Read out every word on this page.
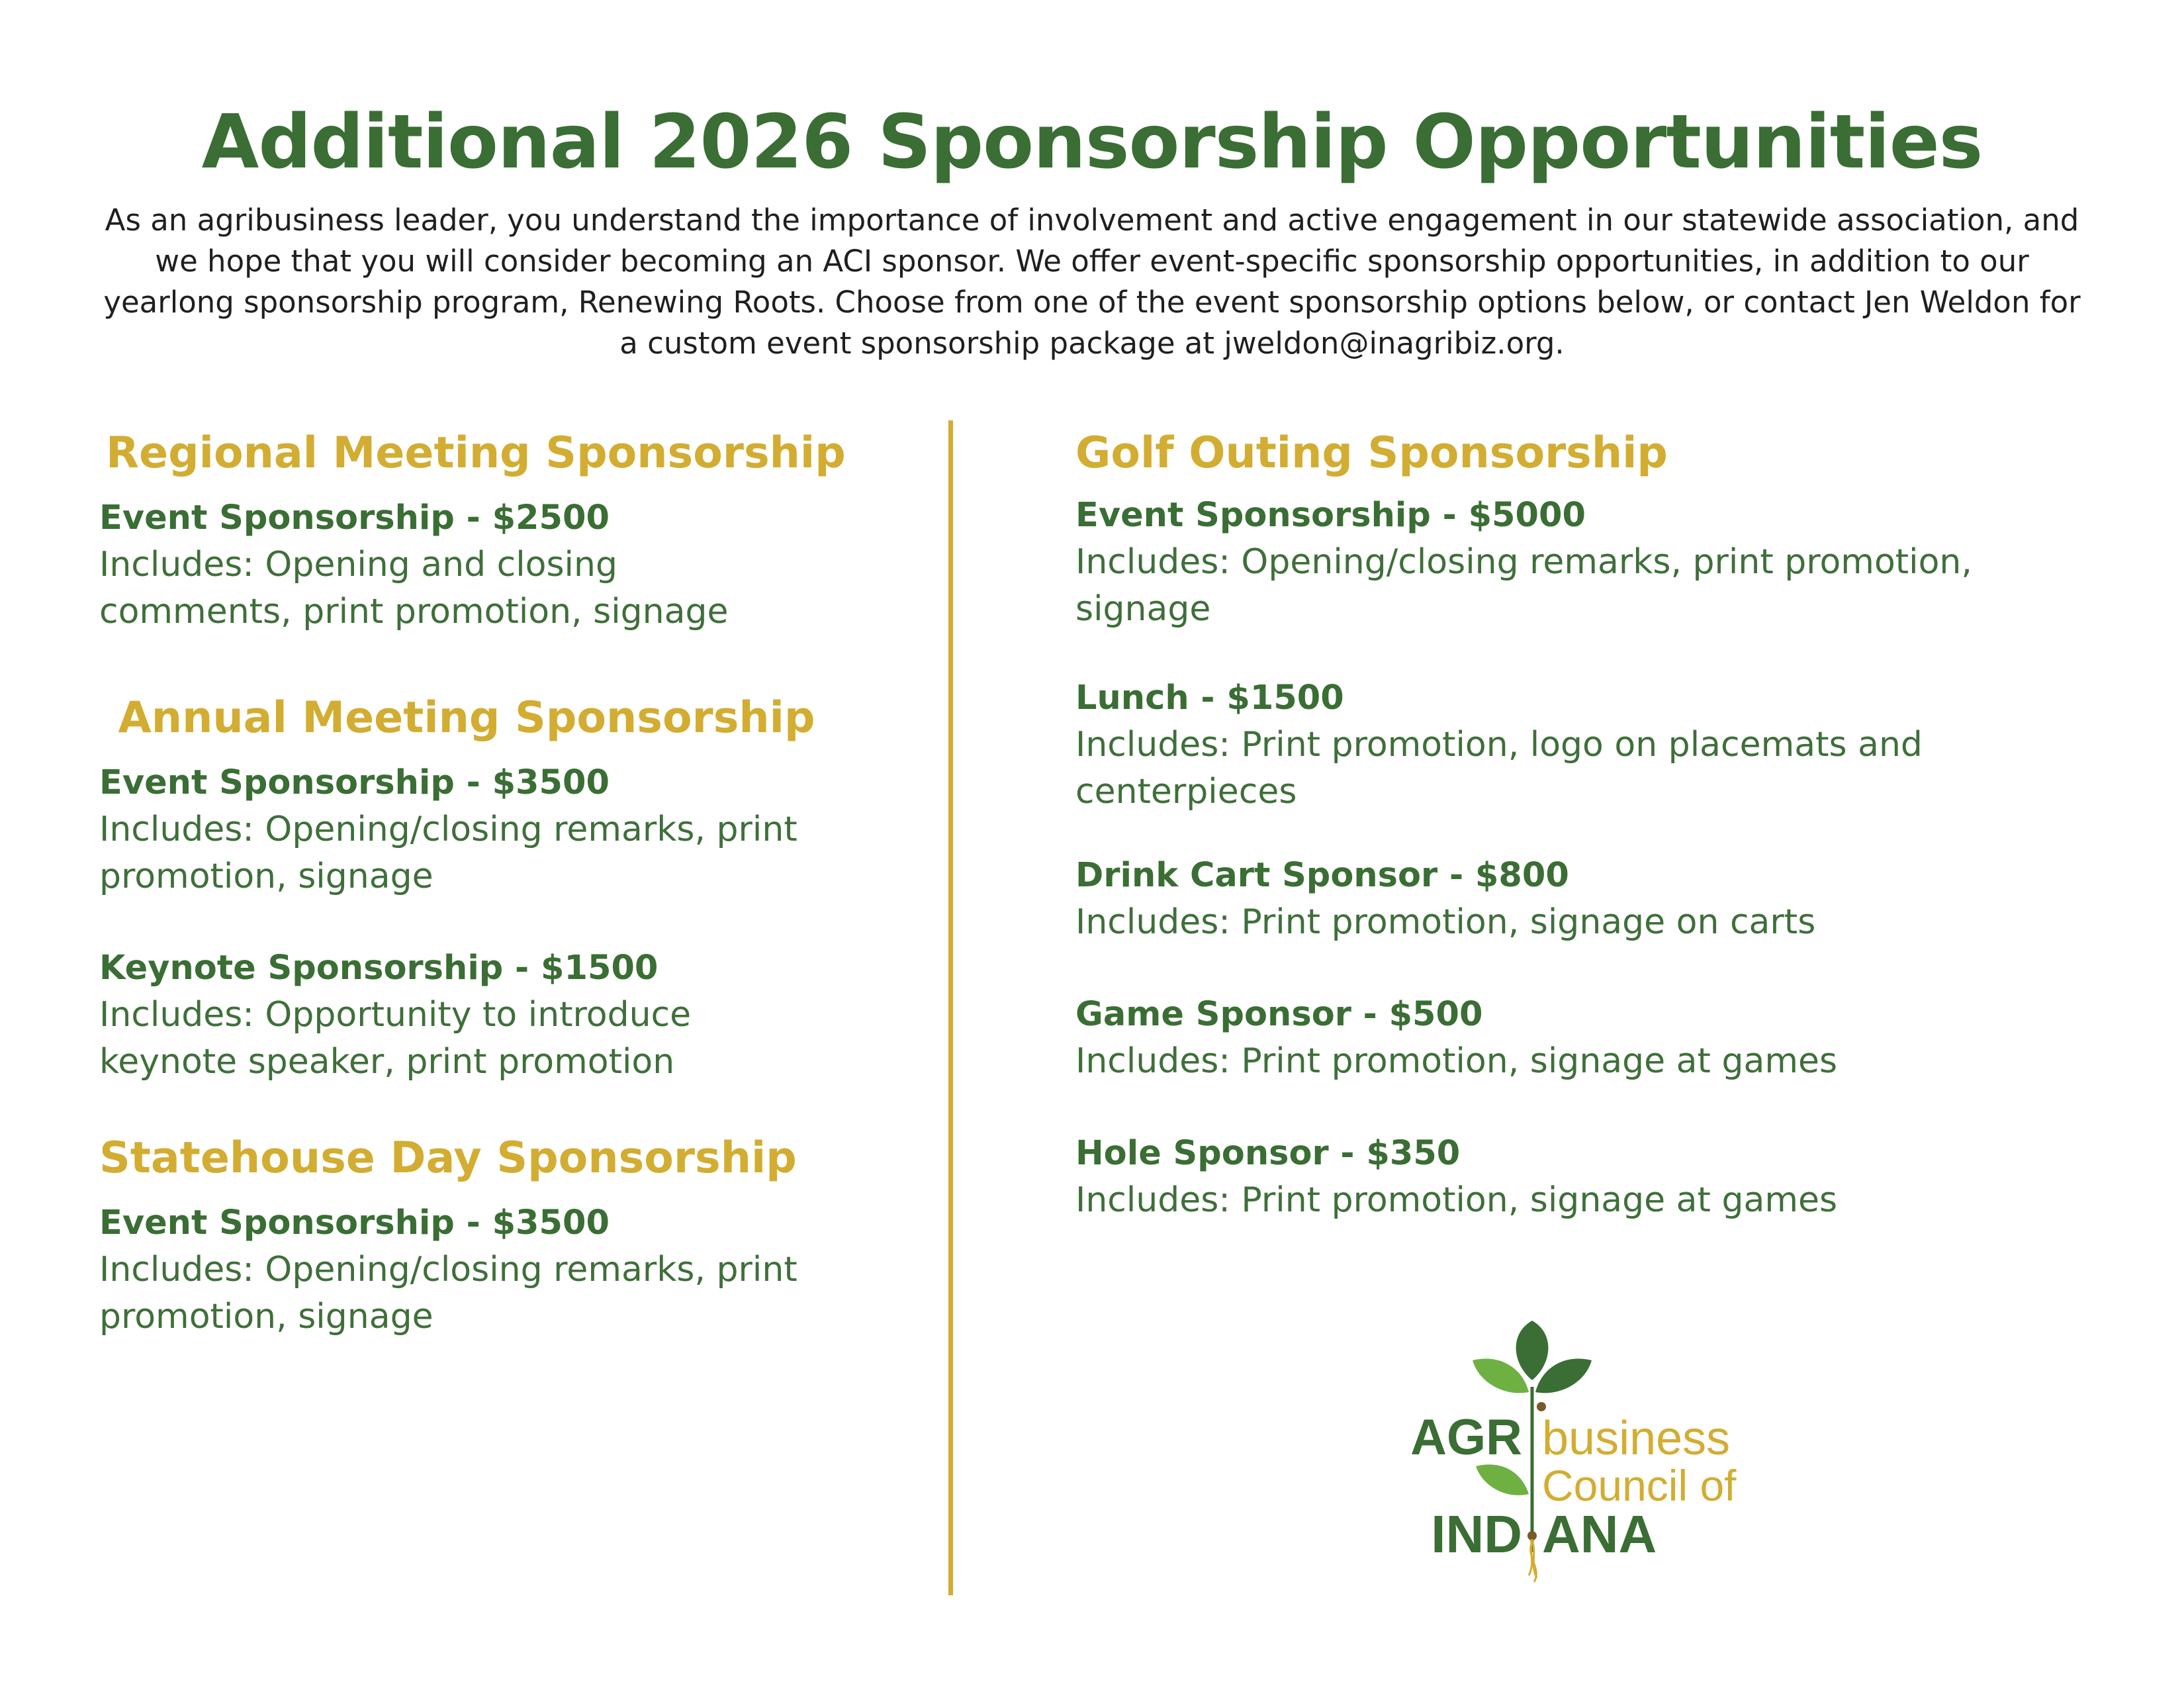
Additional 2026 Sponsorship Opportunities

As an agribusiness leader, you understand the importance of involvement and active engagement in our statewide association, and we hope that you will consider becoming an ACI sponsor. We offer event-specific sponsorship opportunities, in addition to our yearlong sponsorship program, Renewing Roots. Choose from one of the event sponsorship options below, or contact Jen Weldon for a custom event sponsorship package at jweldon@inagribiz.org.

Regional Meeting Sponsorship

Event Sponsorship - $2500

Includes: Opening and closing comments, print promotion, signage

Annual Meeting Sponsorship

Event Sponsorship - $3500

Includes: Opening/closing remarks, print promotion, signage

Keynote Sponsorship - $1500

Includes: Opportunity to introduce keynote speaker, print promotion

Statehouse Day Sponsorship

Event Sponsorship - $3500

Includes: Opening/closing remarks, print promotion, signage

Golf Outing Sponsorship

Event Sponsorship - $5000

Includes: Opening/closing remarks, print promotion, signage

Lunch - $1500

Includes: Print promotion, logo on placemats and centerpieces

Drink Cart Sponsor - $800

Includes: Print promotion, signage on carts

Game Sponsor - $500

Includes: Print promotion, signage at games

Hole Sponsor - $350

Includes: Print promotion, signage at games

AGR business
Council of
IND ANA
